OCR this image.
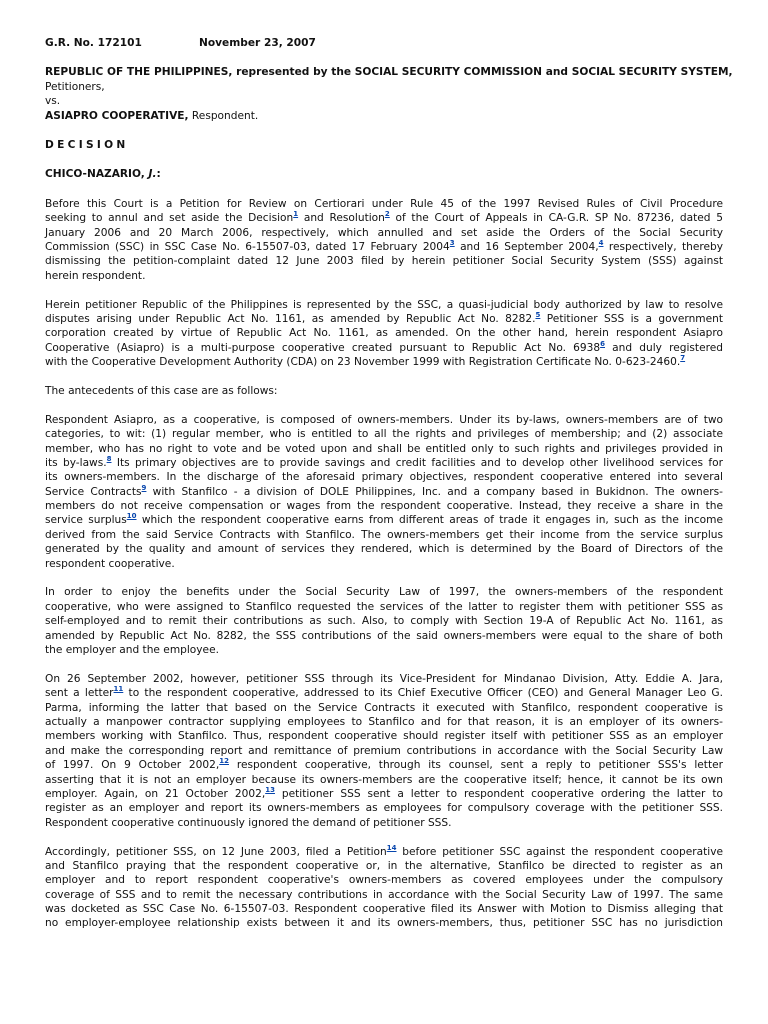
G.R. No. 172101	November 23, 2007
REPUBLIC OF THE PHILIPPINES, represented by the SOCIAL SECURITY COMMISSION and SOCIAL SECURITY SYSTEM,
Petitioners,
vs.
ASIAPRO COOPERATIVE, Respondent.
DECISION
CHICO-NAZARIO, J.:
Before this Court is a Petition for Review on Certiorari under Rule 45 of the 1997 Revised Rules of Civil Procedure
seeking to annul and set aside the Decision$^1$ and Resolution$^2$ of the Court of Appeals in CA-G.R. SP No. 87236, dated 5
January 2006 and 20 March 2006, respectively, which annulled and set aside the Orders of the Social Security
Commission (SSC) in SSC Case No. 6-15507-03, dated 17 February 2004$^3$ and 16 September 2004,$^4$ respectively, thereby
dismissing the petition-complaint dated 12 June 2003 filed by herein petitioner Social Security System (SSS) against
herein respondent.
Herein petitioner Republic of the Philippines is represented by the SSC, a quasi-judicial body authorized by law to resolve
disputes arising under Republic Act No. 1161, as amended by Republic Act No. 8282.$^5$ Petitioner SSS is a government
corporation created by virtue of Republic Act No. 1161, as amended. On the other hand, herein respondent Asiapro
Cooperative (Asiapro) is a multi-purpose cooperative created pursuant to Republic Act No. 6938$^6$ and duly registered
with the Cooperative Development Authority (CDA) on 23 November 1999 with Registration Certificate No. 0-623-2460.$^7$
The antecedents of this case are as follows:
Respondent Asiapro, as a cooperative, is composed of owners-members. Under its by-laws, owners-members are of two
categories, to wit: (1) regular member, who is entitled to all the rights and privileges of membership; and (2) associate
member, who has no right to vote and be voted upon and shall be entitled only to such rights and privileges provided in
its by-laws.$^8$ Its primary objectives are to provide savings and credit facilities and to develop other livelihood services for
its owners-members. In the discharge of the aforesaid primary objectives, respondent cooperative entered into several
Service Contracts$^9$ with Stanfilco - a division of DOLE Philippines, Inc. and a company based in Bukidnon. The owners-
members do not receive compensation or wages from the respondent cooperative. Instead, they receive a share in the
service surplus$^{10}$ which the respondent cooperative earns from different areas of trade it engages in, such as the income
derived from the said Service Contracts with Stanfilco. The owners-members get their income from the service surplus
generated by the quality and amount of services they rendered, which is determined by the Board of Directors of the
respondent cooperative.
In order to enjoy the benefits under the Social Security Law of 1997, the owners-members of the respondent
cooperative, who were assigned to Stanfilco requested the services of the latter to register them with petitioner SSS as
self-employed and to remit their contributions as such. Also, to comply with Section 19-A of Republic Act No. 1161, as
amended by Republic Act No. 8282, the SSS contributions of the said owners-members were equal to the share of both
the employer and the employee.
On 26 September 2002, however, petitioner SSS through its Vice-President for Mindanao Division, Atty. Eddie A. Jara,
sent a letter$^{11}$ to the respondent cooperative, addressed to its Chief Executive Officer (CEO) and General Manager Leo G.
Parma, informing the latter that based on the Service Contracts it executed with Stanfilco, respondent cooperative is
actually a manpower contractor supplying employees to Stanfilco and for that reason, it is an employer of its owners-
members working with Stanfilco. Thus, respondent cooperative should register itself with petitioner SSS as an employer
and make the corresponding report and remittance of premium contributions in accordance with the Social Security Law
of 1997. On 9 October 2002,12 respondent cooperative, through its counsel, sent a reply to petitioner SSS's letter
asserting that it is not an employer because its owners-members are the cooperative itself; hence, it cannot be its own
employer. Again, on 21 October 2002,13 petitioner SSS sent a letter to respondent cooperative ordering the latter to
register as an employer and report its owners-members as employees for compulsory coverage with the petitioner SSS.
Respondent cooperative continuously ignored the demand of petitioner SSS.
Accordingly, petitioner SSS, on 12 June 2003, filed a Petition$^{14}$ before petitioner SSC against the respondent cooperative
and Stanfilco praying that the respondent cooperative or, in the alternative, Stanfilco be directed to register as an
employer and to report respondent cooperative's owners-members as covered employees under the compulsory
coverage of SSS and to remit the necessary contributions in accordance with the Social Security Law of 1997. The same
was docketed as SSC Case No. 6-15507-03. Respondent cooperative filed its Answer with Motion to Dismiss alleging that
no employer-employee relationship exists between it and its owners-members, thus, petitioner SSC has no jurisdiction
